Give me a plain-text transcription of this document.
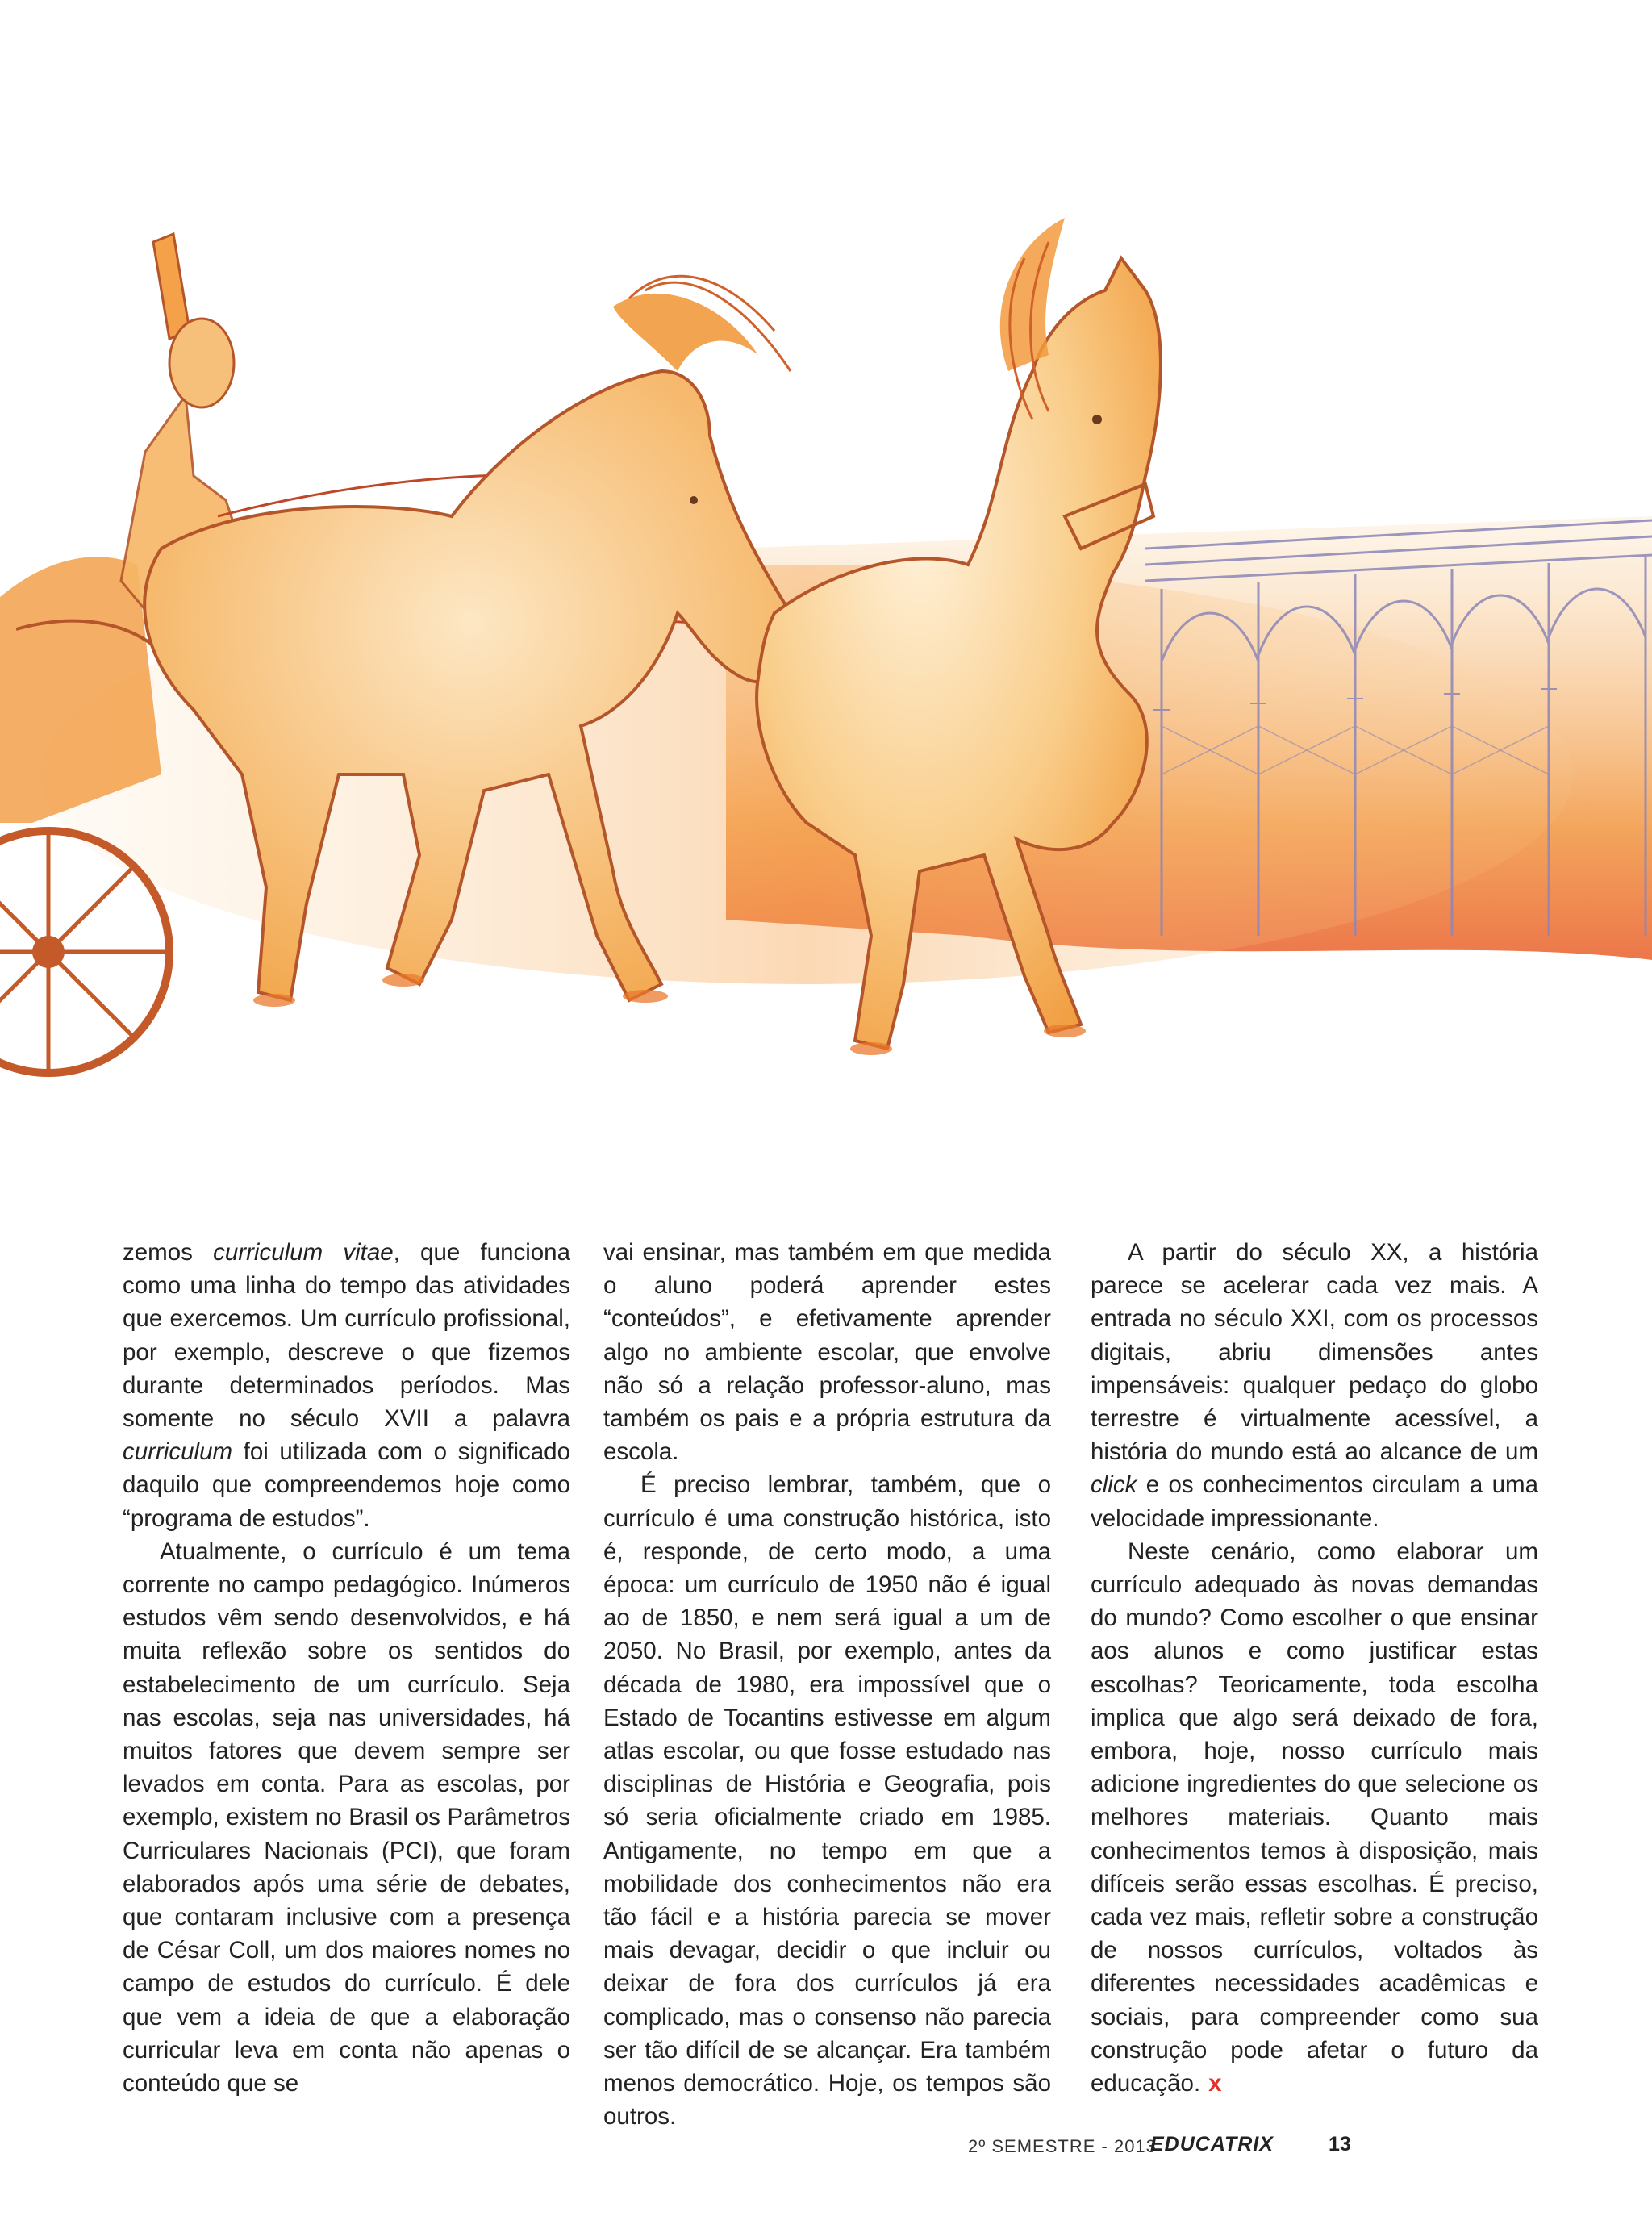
zemos curriculum vitae, que funciona como uma linha do tempo das atividades que exercemos. Um currículo profissional, por exemplo, descreve o que fizemos durante determinados períodos. Mas somente no século XVII a palavra curriculum foi utilizada com o significado daquilo que compreendemos hoje como “programa de estudos”.

Atualmente, o currículo é um tema corrente no campo pedagógico. Inúmeros estudos vêm sendo desenvolvidos, e há muita reflexão sobre os sentidos do estabelecimento de um currículo. Seja nas escolas, seja nas universidades, há muitos fatores que devem sempre ser levados em conta. Para as escolas, por exemplo, existem no Brasil os Parâmetros Curriculares Nacionais (PCI), que foram elaborados após uma série de debates, que contaram inclusive com a presença de César Coll, um dos maiores nomes no campo de estudos do currículo. É dele que vem a ideia de que a elaboração curricular leva em conta não apenas o conteúdo que se

vai ensinar, mas também em que medida o aluno poderá aprender estes “conteúdos”, e efetivamente aprender algo no ambiente escolar, que envolve não só a relação professor-aluno, mas também os pais e a própria estrutura da escola.

É preciso lembrar, também, que o currículo é uma construção histórica, isto é, responde, de certo modo, a uma época: um currículo de 1950 não é igual ao de 1850, e nem será igual a um de 2050. No Brasil, por exemplo, antes da década de 1980, era impossível que o Estado de Tocantins estivesse em algum atlas escolar, ou que fosse estudado nas disciplinas de História e Geografia, pois só seria oficialmente criado em 1985. Antigamente, no tempo em que a mobilidade dos conhecimentos não era tão fácil e a história parecia se mover mais devagar, decidir o que incluir ou deixar de fora dos currículos já era complicado, mas o consenso não parecia ser tão difícil de se alcançar. Era também menos democrático. Hoje, os tempos são outros.

A partir do século XX, a história parece se acelerar cada vez mais. A entrada no século XXI, com os processos digitais, abriu dimensões antes impensáveis: qualquer pedaço do globo terrestre é virtualmente acessível, a história do mundo está ao alcance de um click e os conhecimentos circulam a uma velocidade impressionante.

Neste cenário, como elaborar um currículo adequado às novas demandas do mundo? Como escolher o que ensinar aos alunos e como justificar estas escolhas? Teoricamente, toda escolha implica que algo será deixado de fora, embora, hoje, nosso currículo mais adicione ingredientes do que selecione os melhores materiais. Quanto mais conhecimentos temos à disposição, mais difíceis serão essas escolhas. É preciso, cada vez mais, refletir sobre a construção de nossos currículos, voltados às diferentes necessidades acadêmicas e sociais, para compreender como sua construção pode afetar o futuro da educação. x

2º SEMESTRE - 2013
EDUCATRIX	13
